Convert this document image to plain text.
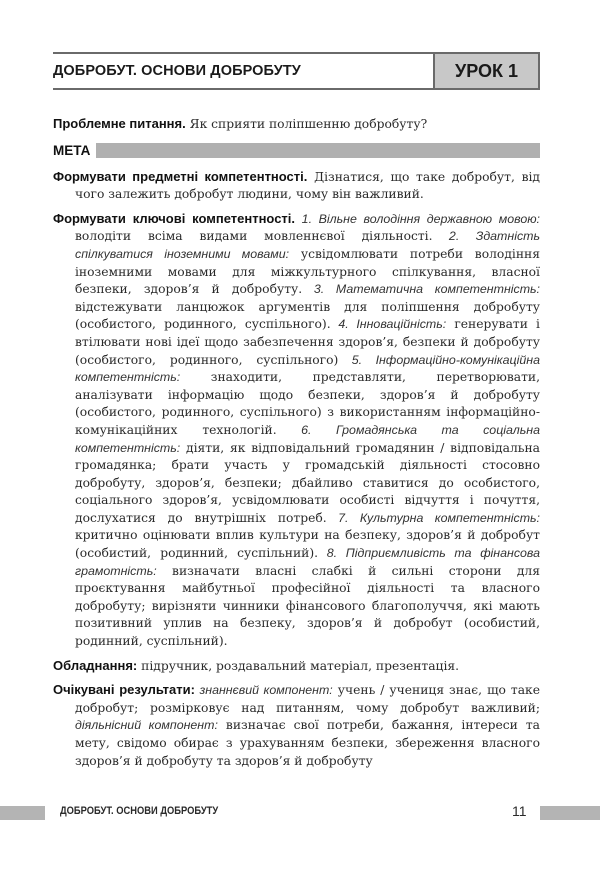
ДОБРОБУТ. ОСНОВИ ДОБРОБУТУ	УРОК 1

Проблемне питання. Як сприяти поліпшенню добробуту?

МЕТА

Формувати предметні компетентності. Дізнатися, що таке добробут, від чого залежить добробут людини, чому він важливий.

Формувати ключові компетентності. 1. Вільне володіння державною мовою: володіти всіма видами мовленнєвої діяльності. 2. Здатність спілкуватися іноземними мовами: усвідомлювати потреби володіння іноземними мовами для міжкультурного спілкування, власної безпеки, здоров’я й добробуту. 3. Математична компетентність: відстежувати ланцюжок аргументів для поліпшення добробуту (особистого, родинного, суспільного). 4. Інноваційність: генерувати і втілювати нові ідеї щодо забезпечення здоров’я, безпеки й добробуту (особистого, родинного, суспільного) 5. Інформаційно-комунікаційна компетентність: знаходити, представляти, перетворювати, аналізувати інформацію щодо безпеки, здоров’я й добробуту (особистого, родинного, суспільного) з використанням інформаційно-комунікаційних технологій. 6. Громадянська та соціальна компетентність: діяти, як відповідальний громадянин / відповідальна громадянка; брати участь у громадській діяльності стосовно добробуту, здоров’я, безпеки; дбайливо ставитися до особистого, соціального здоров’я, усвідомлювати особисті відчуття і почуття, дослухатися до внутрішніх потреб. 7. Культурна компетентність: критично оцінювати вплив культури на безпеку, здоров’я й добробут (особистий, родинний, суспільний). 8. Підприємливість та фінансова грамотність: визначати власні слабкі й сильні сторони для проєктування майбутньої професійної діяльності та власного добробуту; вирізняти чинники фінансового благополуччя, які мають позитивний уплив на безпеку, здоров’я й добробут (особистий, родинний, суспільний).

Обладнання: підручник, роздавальний матеріал, презентація.

Очікувані результати: знаннєвий компонент: учень / учениця знає, що таке добробут; розмірковує над питанням, чому добробут важливий; діяльнісний компонент: визначає свої потреби, бажання, інтереси та мету, свідомо обирає з урахуванням безпеки, збереження власного здоров’я й добробуту та здоров’я й добробуту

ДОБРОБУТ. ОСНОВИ ДОБРОБУТУ	11
